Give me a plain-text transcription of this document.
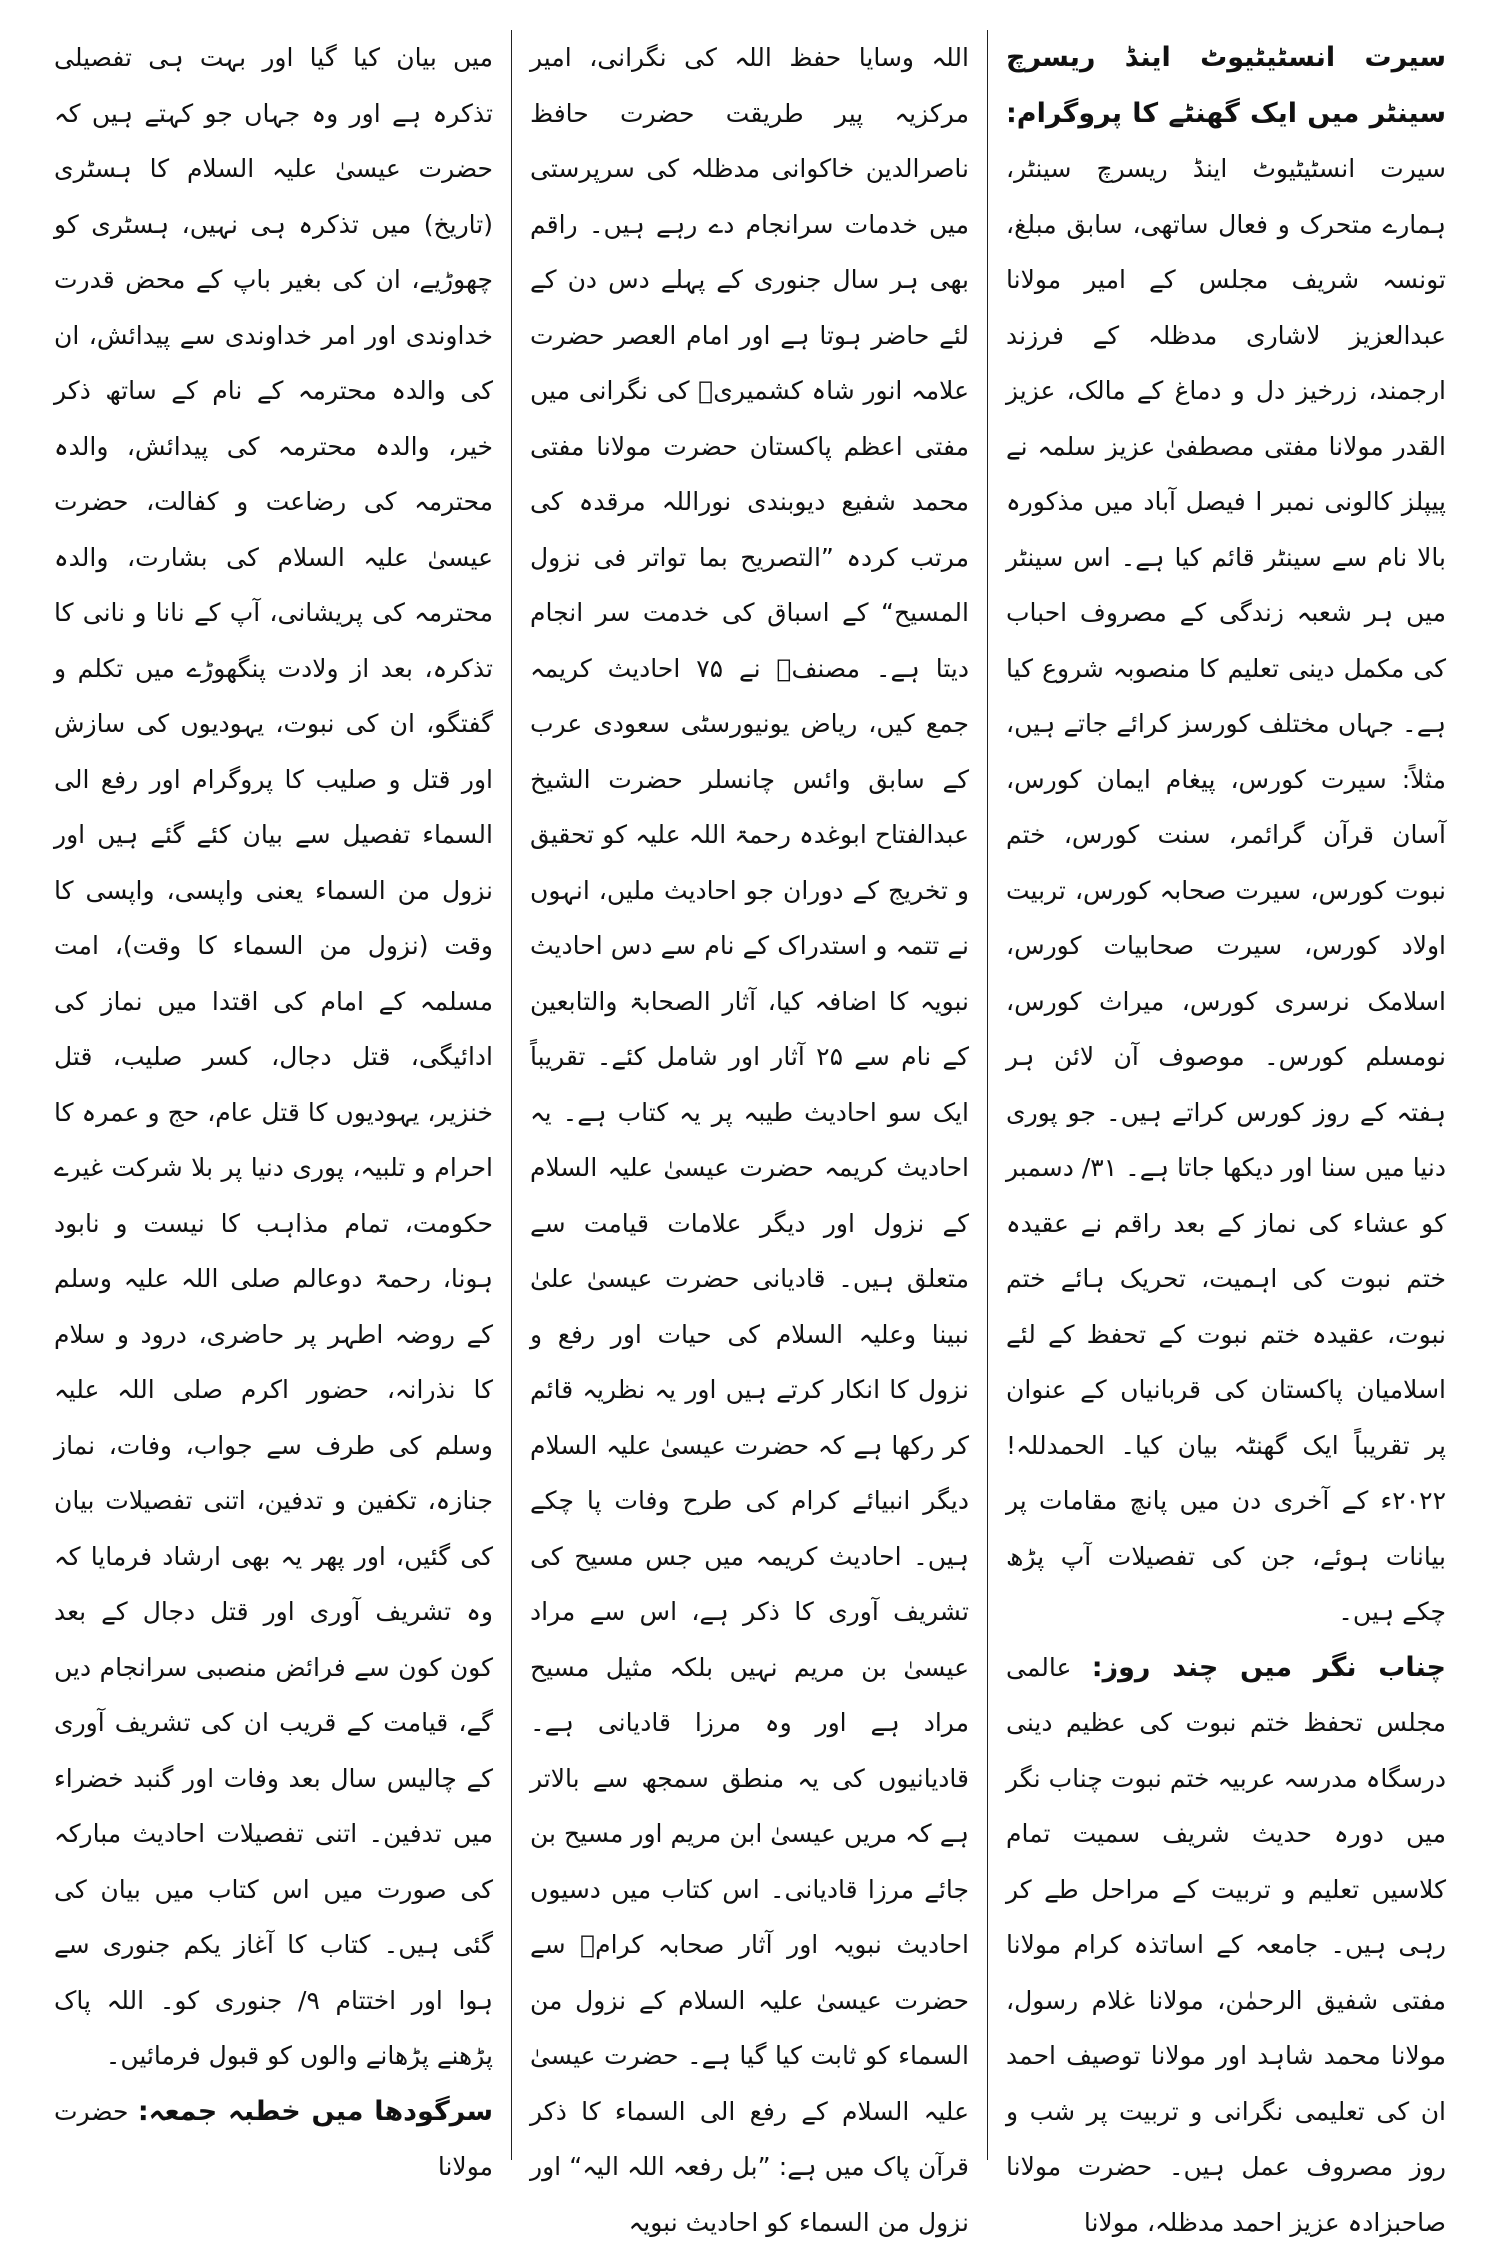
سیرت انسٹیٹیوٹ اینڈ ریسرچ سینٹر میں ایک گھنٹے کا پروگرام: سیرت انسٹیٹیوٹ اینڈ ریسرچ سینٹر، ہمارے متحرک و فعال ساتھی، سابق مبلغ، تونسہ شریف مجلس کے امیر مولانا عبدالعزیز لاشاری مدظلہ کے فرزند ارجمند، زرخیز دل و دماغ کے مالک، عزیز القدر مولانا مفتی مصطفیٰ عزیز سلمہ نے پیپلز کالونی نمبر ا فیصل آباد میں مذکورہ بالا نام سے سینٹر قائم کیا ہے۔ اس سینٹر میں ہر شعبہ زندگی کے مصروف احباب کی مکمل دینی تعلیم کا منصوبہ شروع کیا ہے۔ جہاں مختلف کورسز کرائے جاتے ہیں، مثلاً: سیرت کورس، پیغام ایمان کورس، آسان قرآن گرائمر، سنت کورس، ختم نبوت کورس، سیرت صحابہ کورس، تربیت اولاد کورس، سیرت صحابیات کورس، اسلامک نرسری کورس، میراث کورس، نومسلم کورس۔ موصوف آن لائن ہر ہفتہ کے روز کورس کراتے ہیں۔ جو پوری دنیا میں سنا اور دیکھا جاتا ہے۔ ۳۱/ دسمبر کو عشاء کی نماز کے بعد راقم نے عقیدہ ختم نبوت کی اہمیت، تحریک ہائے ختم نبوت، عقیدہ ختم نبوت کے تحفظ کے لئے اسلامیان پاکستان کی قربانیاں کے عنوان پر تقریباً ایک گھنٹہ بیان کیا۔ الحمدللہ! ۲۰۲۲ء کے آخری دن میں پانچ مقامات پر بیانات ہوئے، جن کی تفصیلات آپ پڑھ چکے ہیں۔

چناب نگر میں چند روز: عالمی مجلس تحفظ ختم نبوت کی عظیم دینی درسگاہ مدرسہ عربیہ ختم نبوت چناب نگر میں دورہ حدیث شریف سمیت تمام کلاسیں تعلیم و تربیت کے مراحل طے کر رہی ہیں۔ جامعہ کے اساتذہ کرام مولانا مفتی شفیق الرحمٰن، مولانا غلام رسول، مولانا محمد شاہد اور مولانا توصیف احمد ان کی تعلیمی نگرانی و تربیت پر شب و روز مصروف عمل ہیں۔ حضرت مولانا صاحبزادہ عزیز احمد مدظلہ، مولانا

اللہ وسایا حفظ اللہ کی نگرانی، امیر مرکزیہ پیر طریقت حضرت حافظ ناصرالدین خاکوانی مدظلہ کی سرپرستی میں خدمات سرانجام دے رہے ہیں۔ راقم بھی ہر سال جنوری کے پہلے دس دن کے لئے حاضر ہوتا ہے اور امام العصر حضرت علامہ انور شاہ کشمیریؒ کی نگرانی میں مفتی اعظم پاکستان حضرت مولانا مفتی محمد شفیع دیوبندی نوراللہ مرقدہ کی مرتب کردہ ”التصریح بما تواتر فی نزول المسیح“ کے اسباق کی خدمت سر انجام دیتا ہے۔ مصنفؒ نے ۷۵ احادیث کریمہ جمع کیں، ریاض یونیورسٹی سعودی عرب کے سابق وائس چانسلر حضرت الشیخ عبدالفتاح ابوغدہ رحمۃ اللہ علیہ کو تحقیق و تخریج کے دوران جو احادیث ملیں، انہوں نے تتمہ و استدراک کے نام سے دس احادیث نبویہ کا اضافہ کیا، آثار الصحابۃ والتابعین کے نام سے ۲۵ آثار اور شامل کئے۔ تقریباً ایک سو احادیث طیبہ پر یہ کتاب ہے۔ یہ احادیث کریمہ حضرت عیسیٰ علیہ السلام کے نزول اور دیگر علامات قیامت سے متعلق ہیں۔ قادیانی حضرت عیسیٰ علیٰ نبینا وعلیہ السلام کی حیات اور رفع و نزول کا انکار کرتے ہیں اور یہ نظریہ قائم کر رکھا ہے کہ حضرت عیسیٰ علیہ السلام دیگر انبیائے کرام کی طرح وفات پا چکے ہیں۔ احادیث کریمہ میں جس مسیح کی تشریف آوری کا ذکر ہے، اس سے مراد عیسیٰ بن مریم نہیں بلکہ مثیل مسیح مراد ہے اور وہ مرزا قادیانی ہے۔ قادیانیوں کی یہ منطق سمجھ سے بالاتر ہے کہ مریں عیسیٰ ابن مریم اور مسیح بن جائے مرزا قادیانی۔ اس کتاب میں دسیوں احادیث نبویہ اور آثار صحابہ کرامؓ سے حضرت عیسیٰ علیہ السلام کے نزول من السماء کو ثابت کیا گیا ہے۔ حضرت عیسیٰ علیہ السلام کے رفع الی السماء کا ذکر قرآن پاک میں ہے: ”بل رفعہ اللہ الیہ“ اور نزول من السماء کو احادیث نبویہ

میں بیان کیا گیا اور بہت ہی تفصیلی تذکرہ ہے اور وہ جہاں جو کہتے ہیں کہ حضرت عیسیٰ علیہ السلام کا ہسٹری (تاریخ) میں تذکرہ ہی نہیں، ہسٹری کو چھوڑیے، ان کی بغیر باپ کے محض قدرت خداوندی اور امر خداوندی سے پیدائش، ان کی والدہ محترمہ کے نام کے ساتھ ذکر خیر، والدہ محترمہ کی پیدائش، والدہ محترمہ کی رضاعت و کفالت، حضرت عیسیٰ علیہ السلام کی بشارت، والدہ محترمہ کی پریشانی، آپ کے نانا و نانی کا تذکرہ، بعد از ولادت پنگھوڑے میں تکلم و گفتگو، ان کی نبوت، یہودیوں کی سازش اور قتل و صلیب کا پروگرام اور رفع الی السماء تفصیل سے بیان کئے گئے ہیں اور نزول من السماء یعنی واپسی، واپسی کا وقت (نزول من السماء کا وقت)، امت مسلمہ کے امام کی اقتدا میں نماز کی ادائیگی، قتل دجال، کسر صلیب، قتل خنزیر، یہودیوں کا قتل عام، حج و عمرہ کا احرام و تلبیہ، پوری دنیا پر بلا شرکت غیرے حکومت، تمام مذاہب کا نیست و نابود ہونا، رحمۃ دوعالم صلی اللہ علیہ وسلم کے روضہ اطہر پر حاضری، درود و سلام کا نذرانہ، حضور اکرم صلی اللہ علیہ وسلم کی طرف سے جواب، وفات، نماز جنازہ، تکفین و تدفین، اتنی تفصیلات بیان کی گئیں، اور پھر یہ بھی ارشاد فرمایا کہ وہ تشریف آوری اور قتل دجال کے بعد کون کون سے فرائض منصبی سرانجام دیں گے، قیامت کے قریب ان کی تشریف آوری کے چالیس سال بعد وفات اور گنبد خضراء میں تدفین۔ اتنی تفصیلات احادیث مبارکہ کی صورت میں اس کتاب میں بیان کی گئی ہیں۔ کتاب کا آغاز یکم جنوری سے ہوا اور اختتام ۹/ جنوری کو۔ اللہ پاک پڑھنے پڑھانے والوں کو قبول فرمائیں۔

سرگودھا میں خطبہ جمعہ: حضرت مولانا
